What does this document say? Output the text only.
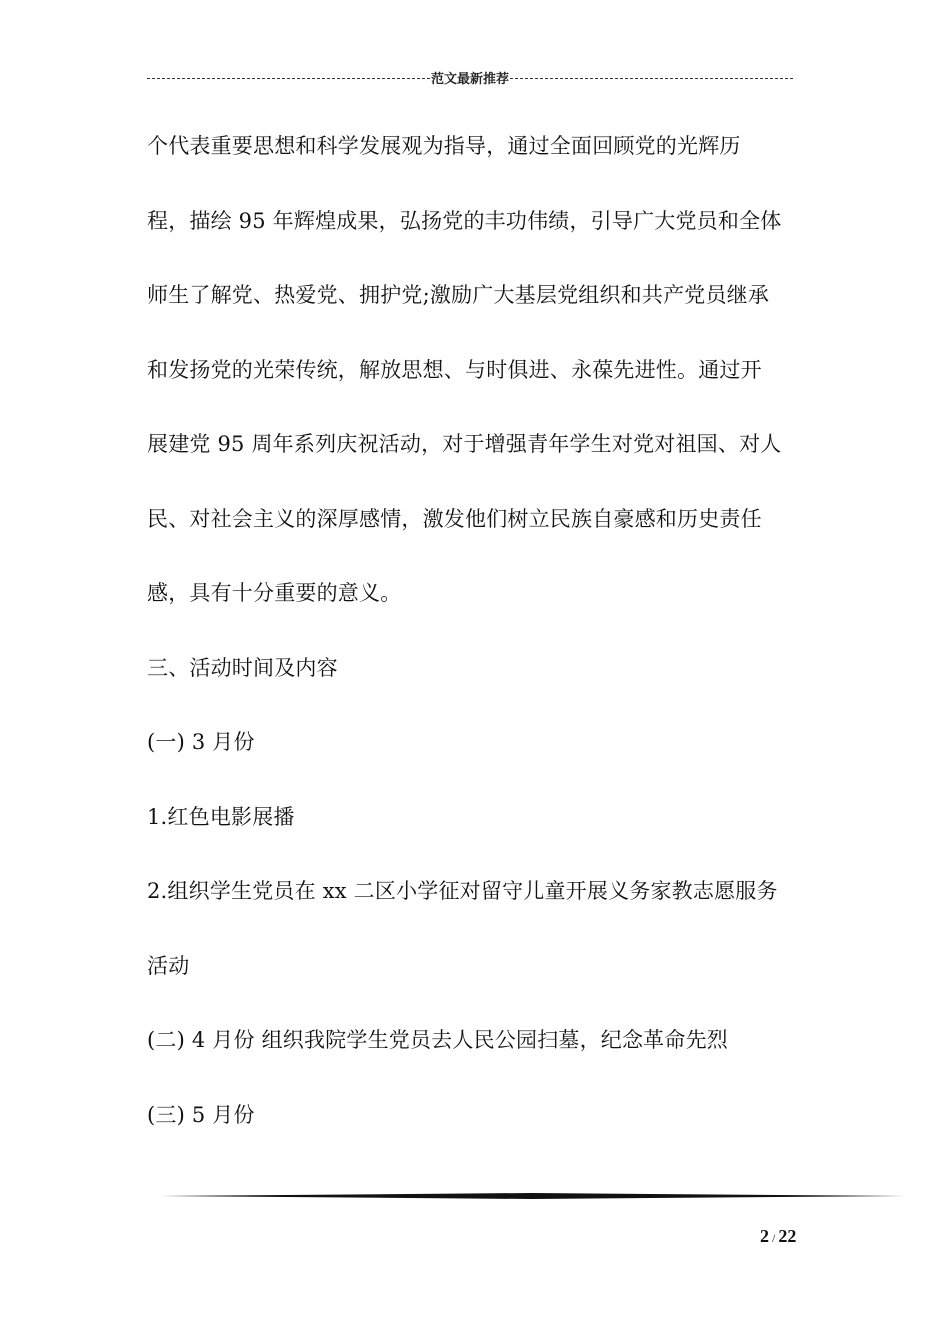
范文最新推荐
个代表重要思想和科学发展观为指导，通过全面回顾党的光辉历
程，描绘 95 年辉煌成果，弘扬党的丰功伟绩，引导广大党员和全体
师生了解党、热爱党、拥护党;激励广大基层党组织和共产党员继承
和发扬党的光荣传统，解放思想、与时俱进、永葆先进性。通过开
展建党 95 周年系列庆祝活动，对于增强青年学生对党对祖国、对人
民、对社会主义的深厚感情，激发他们树立民族自豪感和历史责任
感，具有十分重要的意义。
三、活动时间及内容
(一) 3 月份
1.红色电影展播
2.组织学生党员在 xx 二区小学征对留守儿童开展义务家教志愿服务
活动
(二) 4 月份 组织我院学生党员去人民公园扫墓，纪念革命先烈
(三) 5 月份
2 / 22
